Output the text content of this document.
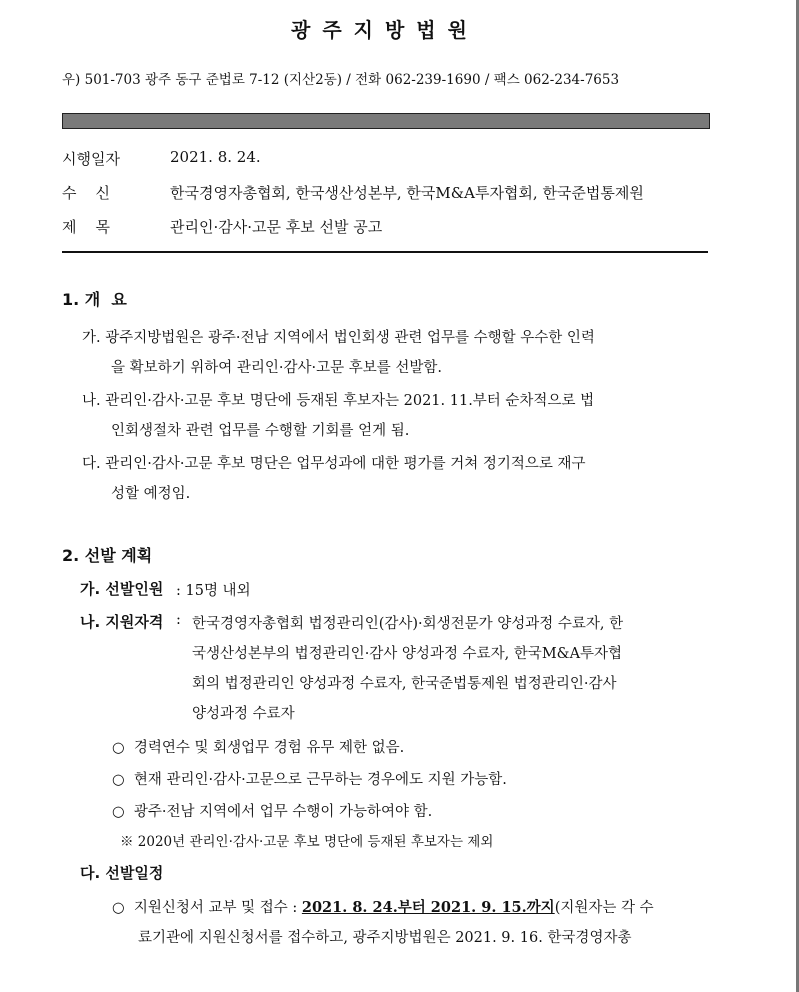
광주지방법원
우) 501-703 광주 동구 준법로 7-12 (지산2동) / 전화 062-239-1690 / 팩스 062-234-7653
시행일자	2021. 8. 24.
수    신	한국경영자총협회, 한국생산성본부, 한국M&A투자협회, 한국준법통제원
제    목	관리인·감사·고문 후보 선발 공고
1. 개  요
가. 광주지방법원은 광주·전남 지역에서 법인회생 관련 업무를 수행할 우수한 인력
을 확보하기 위하여 관리인·감사·고문 후보를 선발함.
나. 관리인·감사·고문 후보 명단에 등재된 후보자는 2021. 11.부터 순차적으로 법
인회생절차 관련 업무를 수행할 기회를 얻게 됨.
다. 관리인·감사·고문 후보 명단은 업무성과에 대한 평가를 거쳐 정기적으로 재구
성할 예정임.
2. 선발 계획
가. 선발인원 : 15명 내외
나. 지원자격 : 한국경영자총협회 법정관리인(감사)·회생전문가 양성과정 수료자, 한
국생산성본부의 법정관리인·감사 양성과정 수료자, 한국M&A투자협
회의 법정관리인 양성과정 수료자, 한국준법통제원 법정관리인·감사
양성과정 수료자
○  경력연수 및 회생업무 경험 유무 제한 없음.
○  현재 관리인·감사·고문으로 근무하는 경우에도 지원 가능함.
○  광주·전남 지역에서 업무 수행이 가능하여야 함.
※ 2020년 관리인·감사·고문 후보 명단에 등재된 후보자는 제외
다. 선발일정
○  지원신청서 교부 및 접수 : 2021. 8. 24.부터 2021. 9. 15.까지(지원자는 각 수
료기관에 지원신청서를 접수하고, 광주지방법원은 2021. 9. 16. 한국경영자총
